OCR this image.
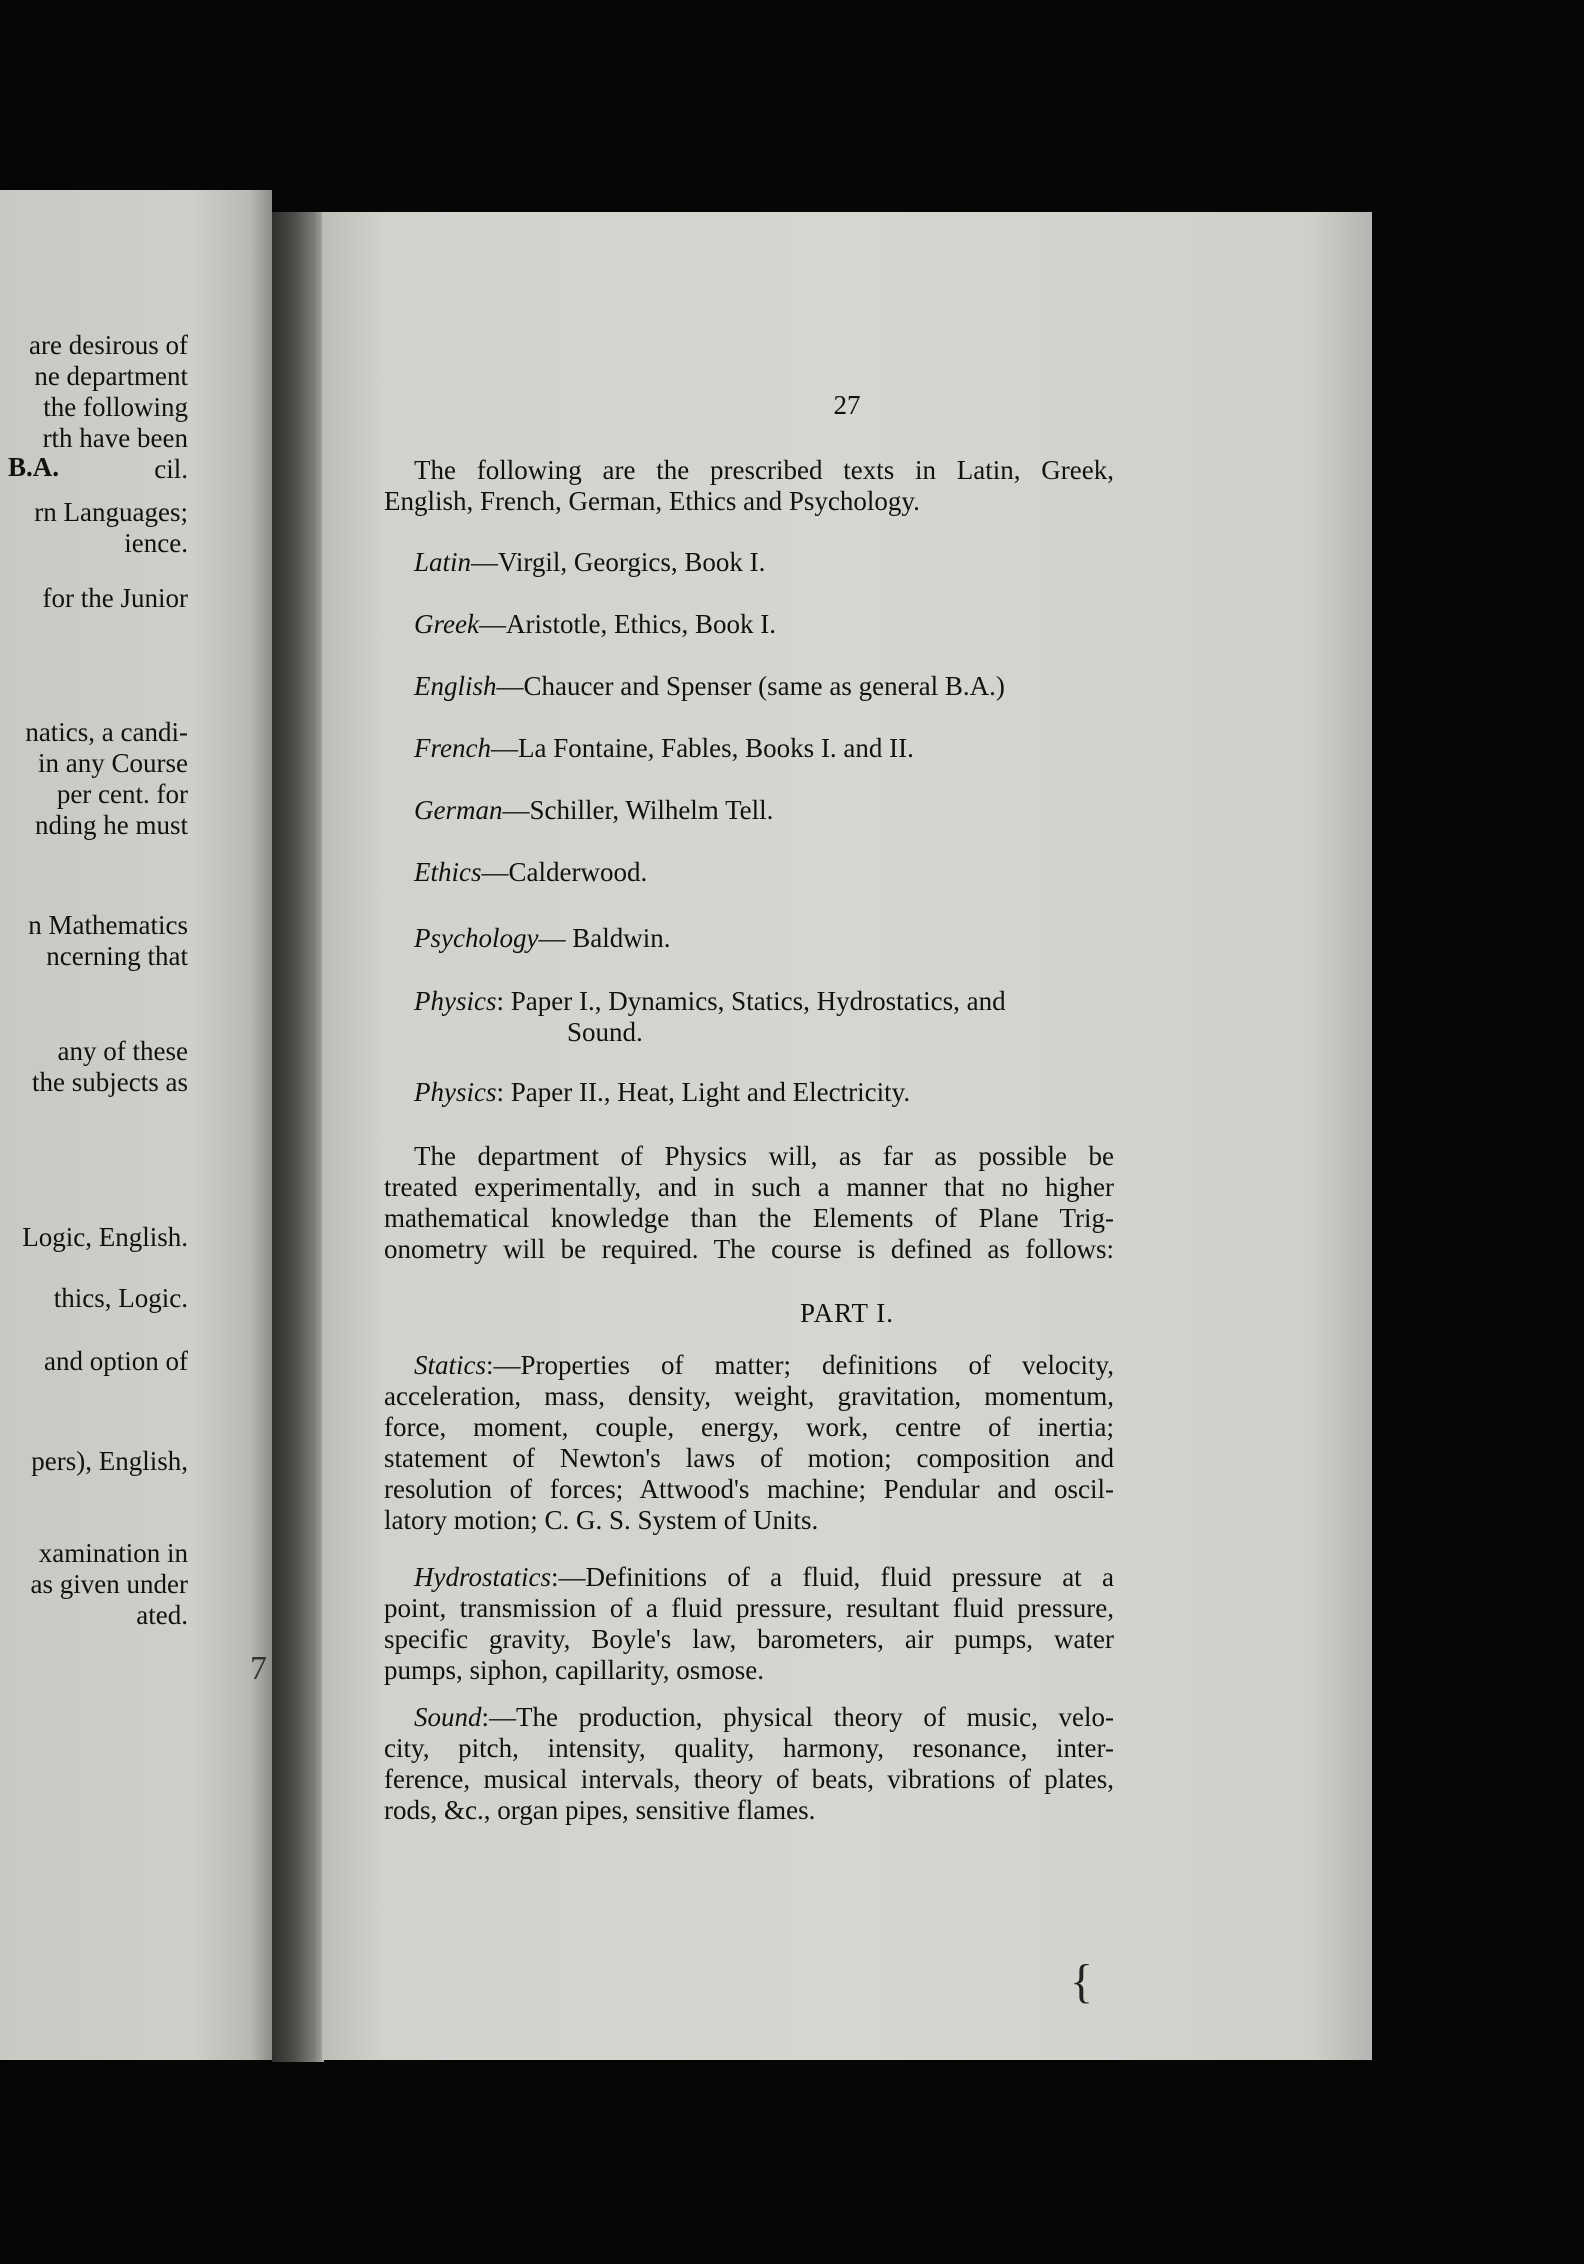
B.A.
are desirous of
ne department
the following
rth have been
cil.
rn Languages;
ience.
for the Junior
natics, a candi-
in any Course
per cent. for
nding he must
n Mathematics
ncerning that
any of these
the subjects as
Logic, English.
thics, Logic.
and option of
pers), English,
xamination in
as given under
ated.
27
The following are the prescribed texts in Latin, Greek,
English, French, German, Ethics and Psychology.
Latin—Virgil, Georgics, Book I.
Greek—Aristotle, Ethics, Book I.
English—Chaucer and Spenser (same as general B.A.)
French—La Fontaine, Fables, Books I. and II.
German—Schiller, Wilhelm Tell.
Ethics—Calderwood.
Psychology— Baldwin.
Physics: Paper I., Dynamics, Statics, Hydrostatics, and
Sound.
Physics: Paper II., Heat, Light and Electricity.
The department of Physics will, as far as possible be
treated experimentally, and in such a manner that no higher
mathematical knowledge than the Elements of Plane Trig-
onometry will be required. The course is defined as follows:
PART I.
Statics:—Properties of matter; definitions of velocity,
acceleration, mass, density, weight, gravitation, momentum,
force, moment, couple, energy, work, centre of inertia;
statement of Newton's laws of motion; composition and
resolution of forces; Attwood's machine; Pendular and oscil-
latory motion; C. G. S. System of Units.
Hydrostatics:—Definitions of a fluid, fluid pressure at a
point, transmission of a fluid pressure, resultant fluid pressure,
specific gravity, Boyle's law, barometers, air pumps, water
pumps, siphon, capillarity, osmose.
Sound:—The production, physical theory of music, velo-
city, pitch, intensity, quality, harmony, resonance, inter-
ference, musical intervals, theory of beats, vibrations of plates,
rods, &c., organ pipes, sensitive flames.
7
{
